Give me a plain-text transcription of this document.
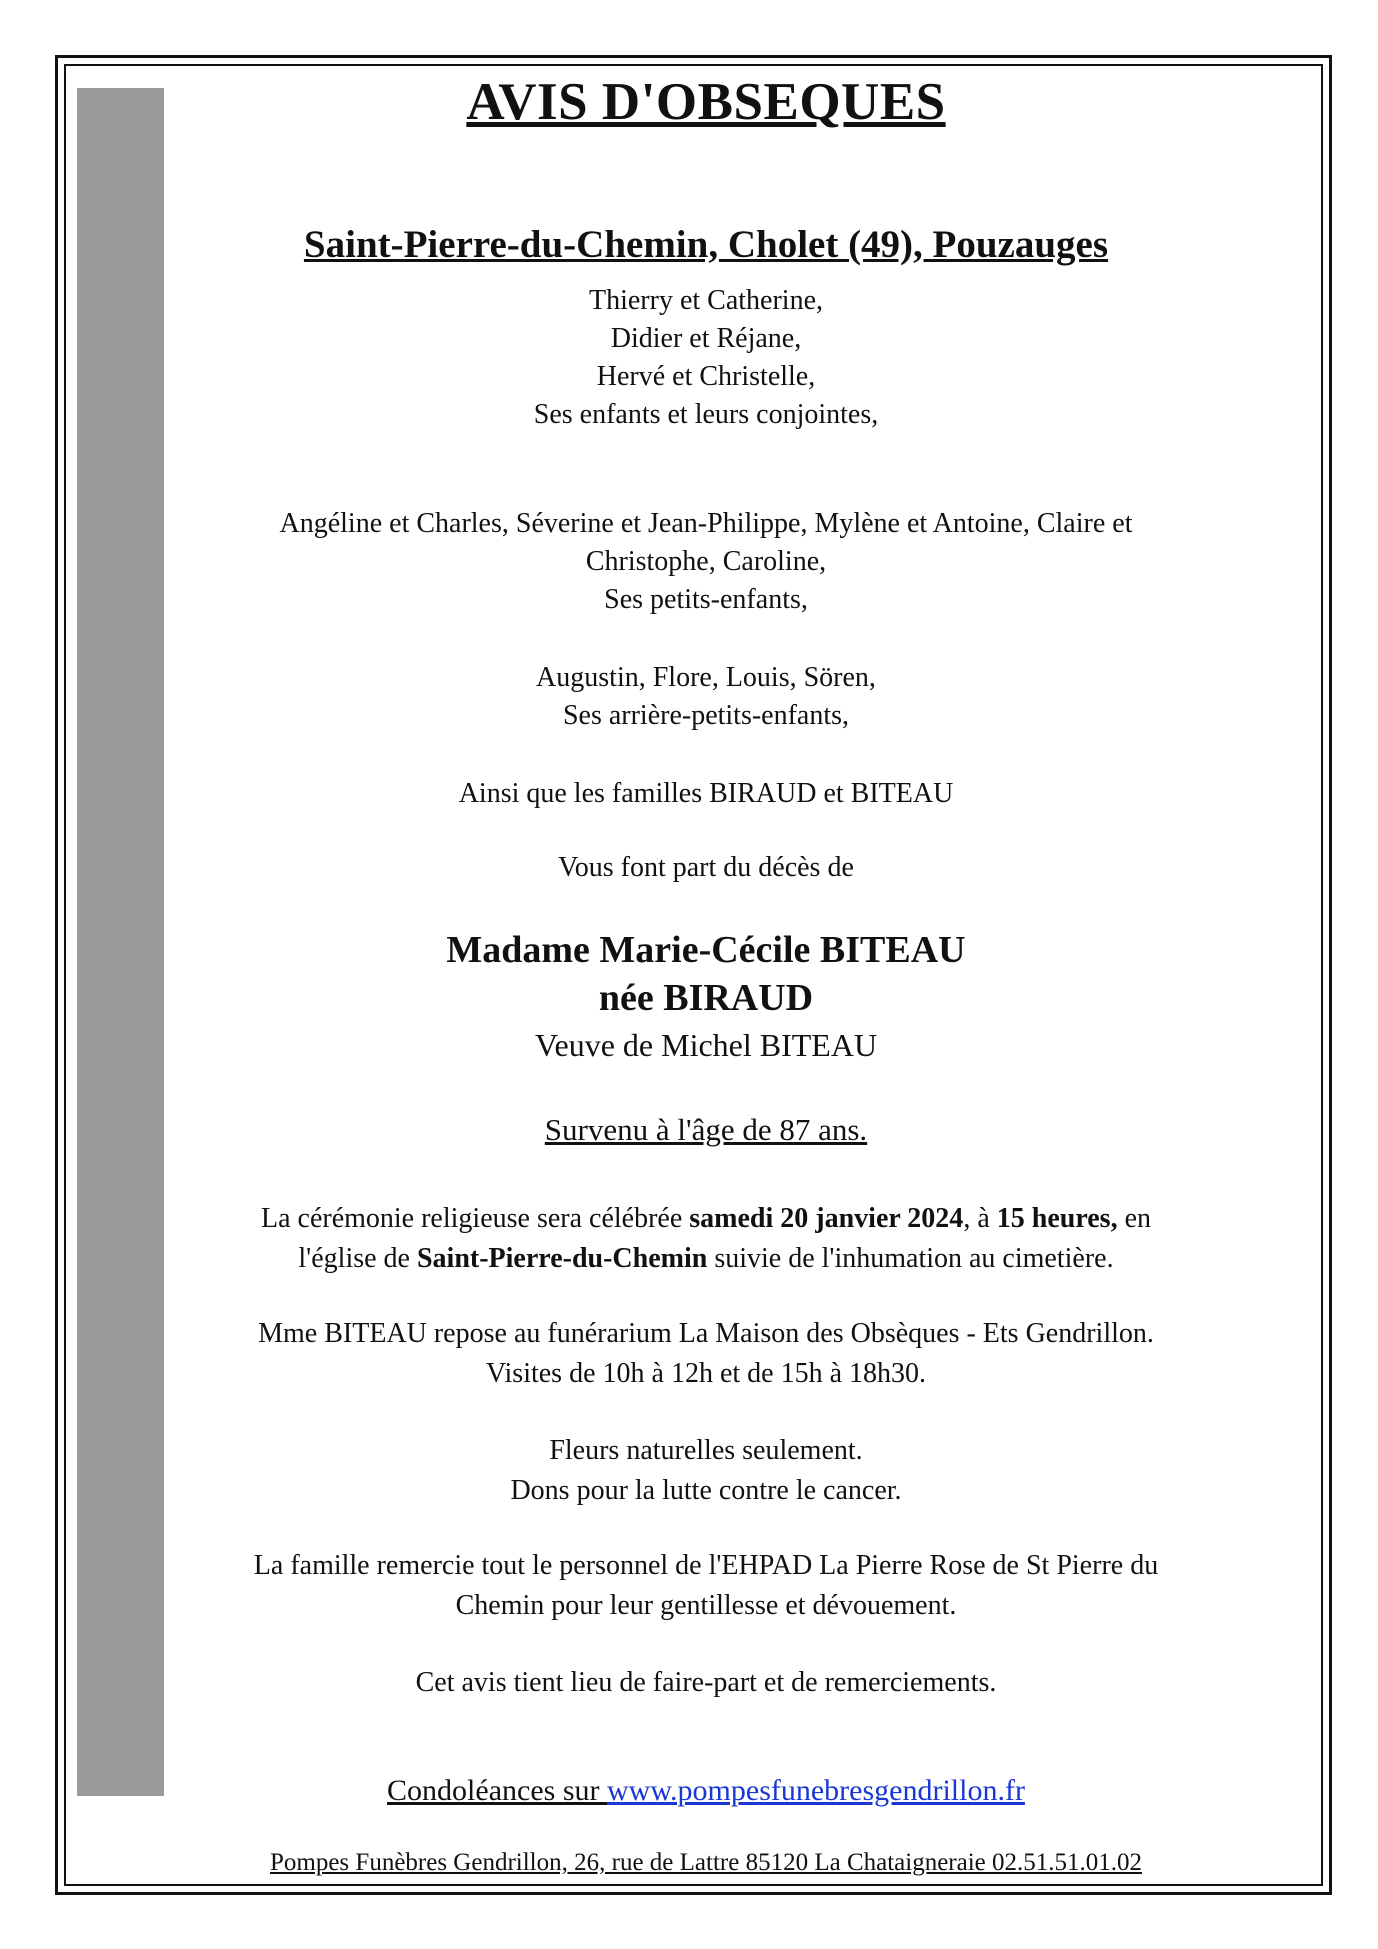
AVIS D'OBSEQUES
Saint-Pierre-du-Chemin, Cholet (49), Pouzauges
Thierry et Catherine,
Didier et Réjane,
Hervé et Christelle,
Ses enfants et leurs conjointes,
Angéline et Charles, Séverine et Jean-Philippe, Mylène et Antoine, Claire et
Christophe, Caroline,
Ses petits-enfants,
Augustin, Flore, Louis, Sören,
Ses arrière-petits-enfants,
Ainsi que les familles BIRAUD et BITEAU
Vous font part du décès de
Madame Marie-Cécile BITEAU
née BIRAUD
Veuve de Michel BITEAU
Survenu à l'âge de 87 ans.
La cérémonie religieuse sera célébrée samedi 20 janvier 2024, à 15 heures, en
l'église de Saint-Pierre-du-Chemin suivie de l'inhumation au cimetière.
Mme BITEAU repose au funérarium La Maison des Obsèques - Ets Gendrillon.
Visites de 10h à 12h et de 15h à 18h30.
Fleurs naturelles seulement.
Dons pour la lutte contre le cancer.
La famille remercie tout le personnel de l'EHPAD La Pierre Rose de St Pierre du
Chemin pour leur gentillesse et dévouement.
Cet avis tient lieu de faire-part et de remerciements.
Condoléances sur www.pompesfunebresgendrillon.fr
Pompes Funèbres Gendrillon, 26, rue de Lattre 85120 La Chataigneraie 02.51.51.01.02
